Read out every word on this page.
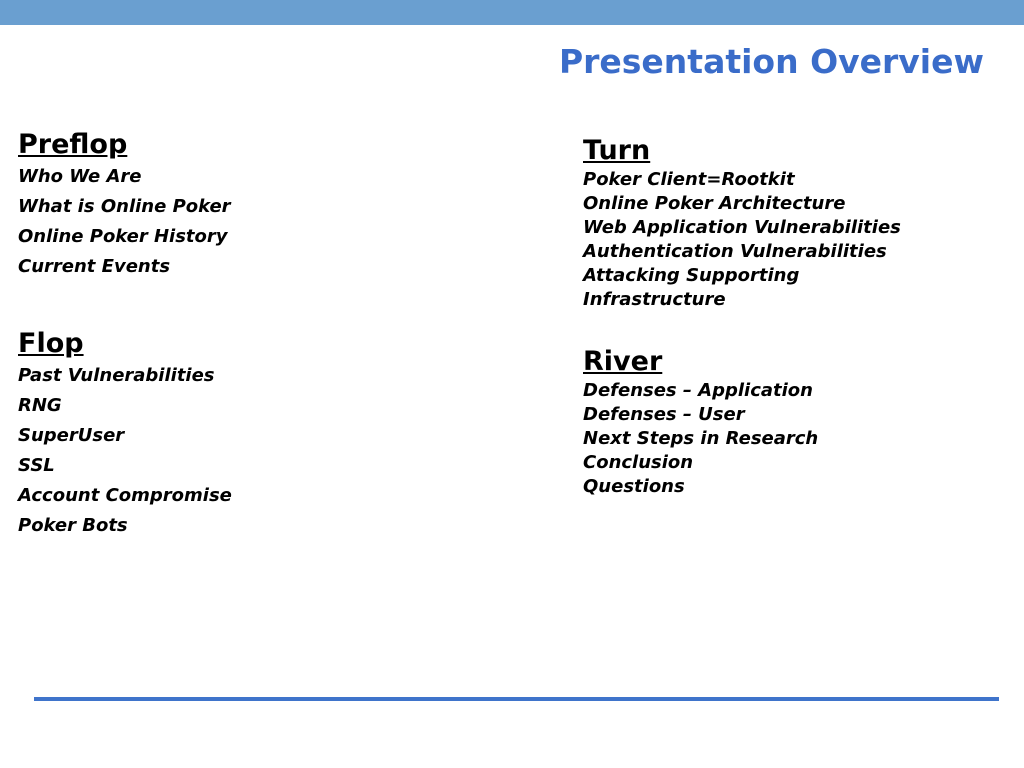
Presentation Overview
Preflop
Who We Are
What is Online Poker
Online Poker History
Current Events
Flop
Past Vulnerabilities
RNG
SuperUser
SSL
Account Compromise
Poker Bots
Turn
Poker Client=Rootkit
Online Poker Architecture
Web Application Vulnerabilities
Authentication Vulnerabilities
Attacking Supporting
Infrastructure
River
Defenses – Application
Defenses – User
Next Steps in Research
Conclusion
Questions
